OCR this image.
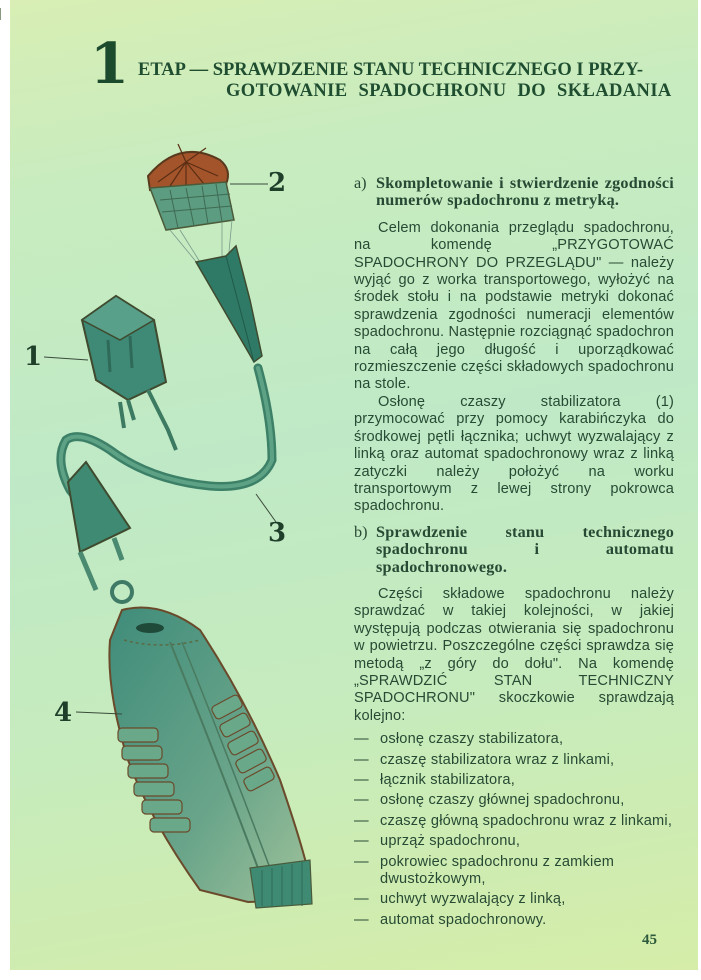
1 ETAP — SPRAWDZENIE STANU TECHNICZNEGO I PRZY-
GOTOWANIE SPADOCHRONU DO SKŁADANIA
2
1
3
4
a) Skompletowanie i stwierdzenie zgodności numerów spadochronu z metryką.

Celem dokonania przeglądu spadochronu, na komendę „PRZYGOTOWAĆ SPADOCHRONY DO PRZEGLĄDU" — należy wyjąć go z worka transportowego, wyłożyć na środek stołu i na podstawie metryki dokonać sprawdzenia zgodności numeracji elementów spadochronu. Następnie rozciągnąć spadochron na całą jego długość i uporządkować rozmieszczenie części składowych spadochronu na stole.

Osłonę czaszy stabilizatora (1) przymocować przy pomocy karabińczyka do środkowej pętli łącznika; uchwyt wyzwalający z linką oraz automat spadochronowy wraz z linką zatyczki należy położyć na worku transportowym z lewej strony pokrowca spadochronu.

b) Sprawdzenie stanu technicznego spadochronu i automatu spadochronowego.

Części składowe spadochronu należy sprawdzać w takiej kolejności, w jakiej występują podczas otwierania się spadochronu w powietrzu. Poszczególne części sprawdza się metodą „z góry do dołu". Na komendę „SPRAWDZIĆ STAN TECHNICZNY SPADOCHRONU" skoczkowie sprawdzają kolejno:

— osłonę czaszy stabilizatora,
— czaszę stabilizatora wraz z linkami,
— łącznik stabilizatora,
— osłonę czaszy głównej spadochronu,
— czaszę główną spadochronu wraz z linkami,
— uprząż spadochronu,
— pokrowiec spadochronu z zamkiem dwustożkowym,
— uchwyt wyzwalający z linką,
— automat spadochronowy.
45
